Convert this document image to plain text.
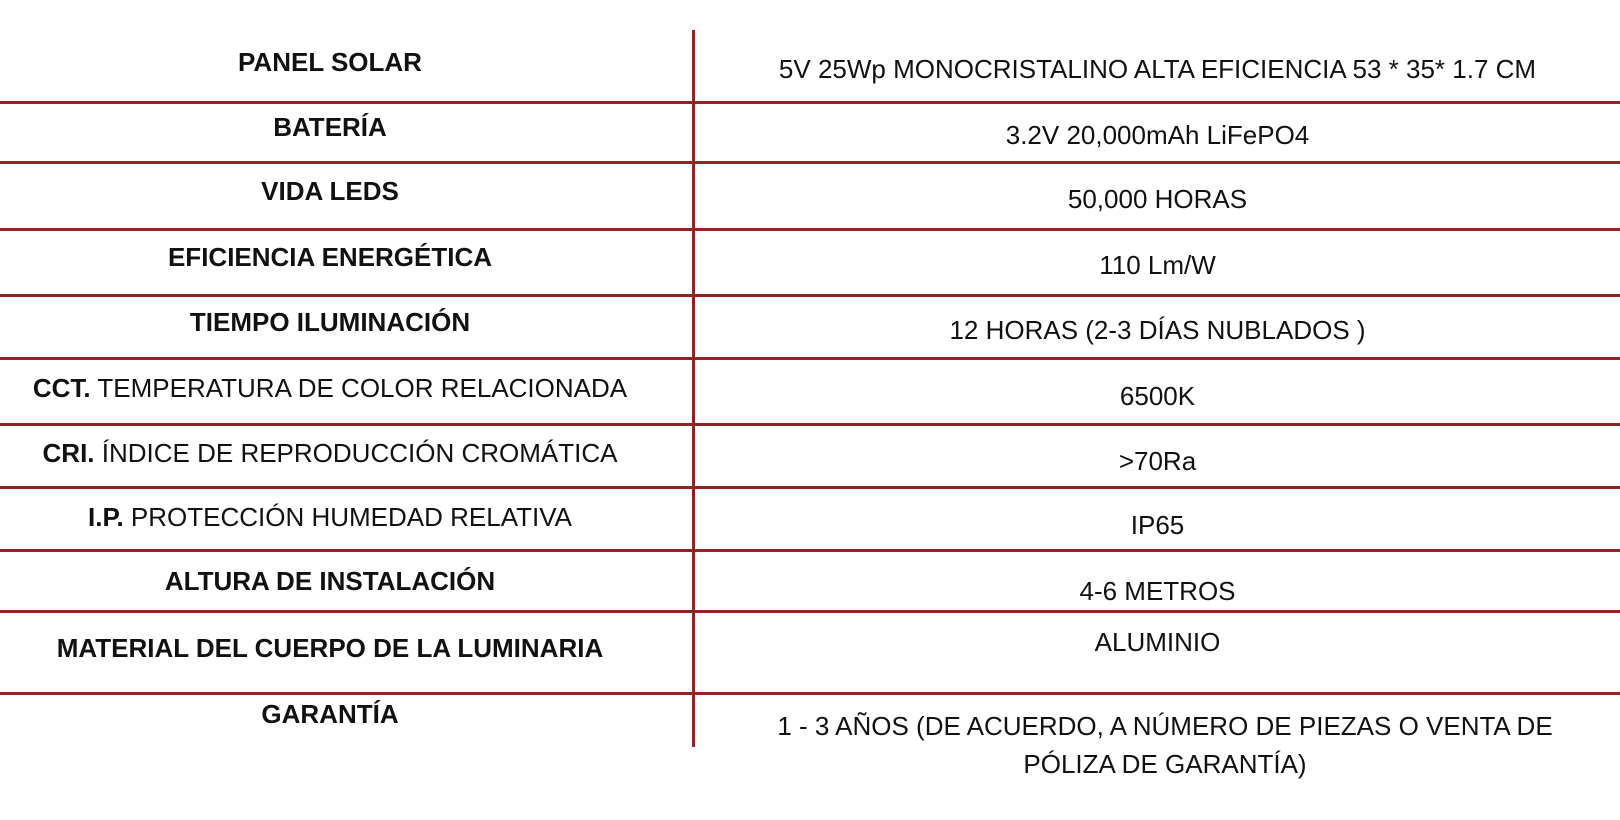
PANEL SOLAR	5V 25Wp MONOCRISTALINO ALTA EFICIENCIA 53 * 35* 1.7 CM
BATERÍA	3.2V 20,000mAh LiFePO4
VIDA LEDS	50,000 HORAS
EFICIENCIA ENERGÉTICA	110 Lm/W
TIEMPO ILUMINACIÓN	12 HORAS (2-3 DÍAS NUBLADOS )
CCT. TEMPERATURA DE COLOR RELACIONADA	6500K
CRI. ÍNDICE DE REPRODUCCIÓN CROMÁTICA	>70Ra
I.P. PROTECCIÓN HUMEDAD RELATIVA	IP65
ALTURA DE INSTALACIÓN	4-6 METROS
MATERIAL DEL CUERPO DE LA LUMINARIA	ALUMINIO
GARANTÍA	1 - 3 AÑOS (DE ACUERDO, A NÚMERO DE PIEZAS O VENTA DE PÓLIZA DE GARANTÍA)
